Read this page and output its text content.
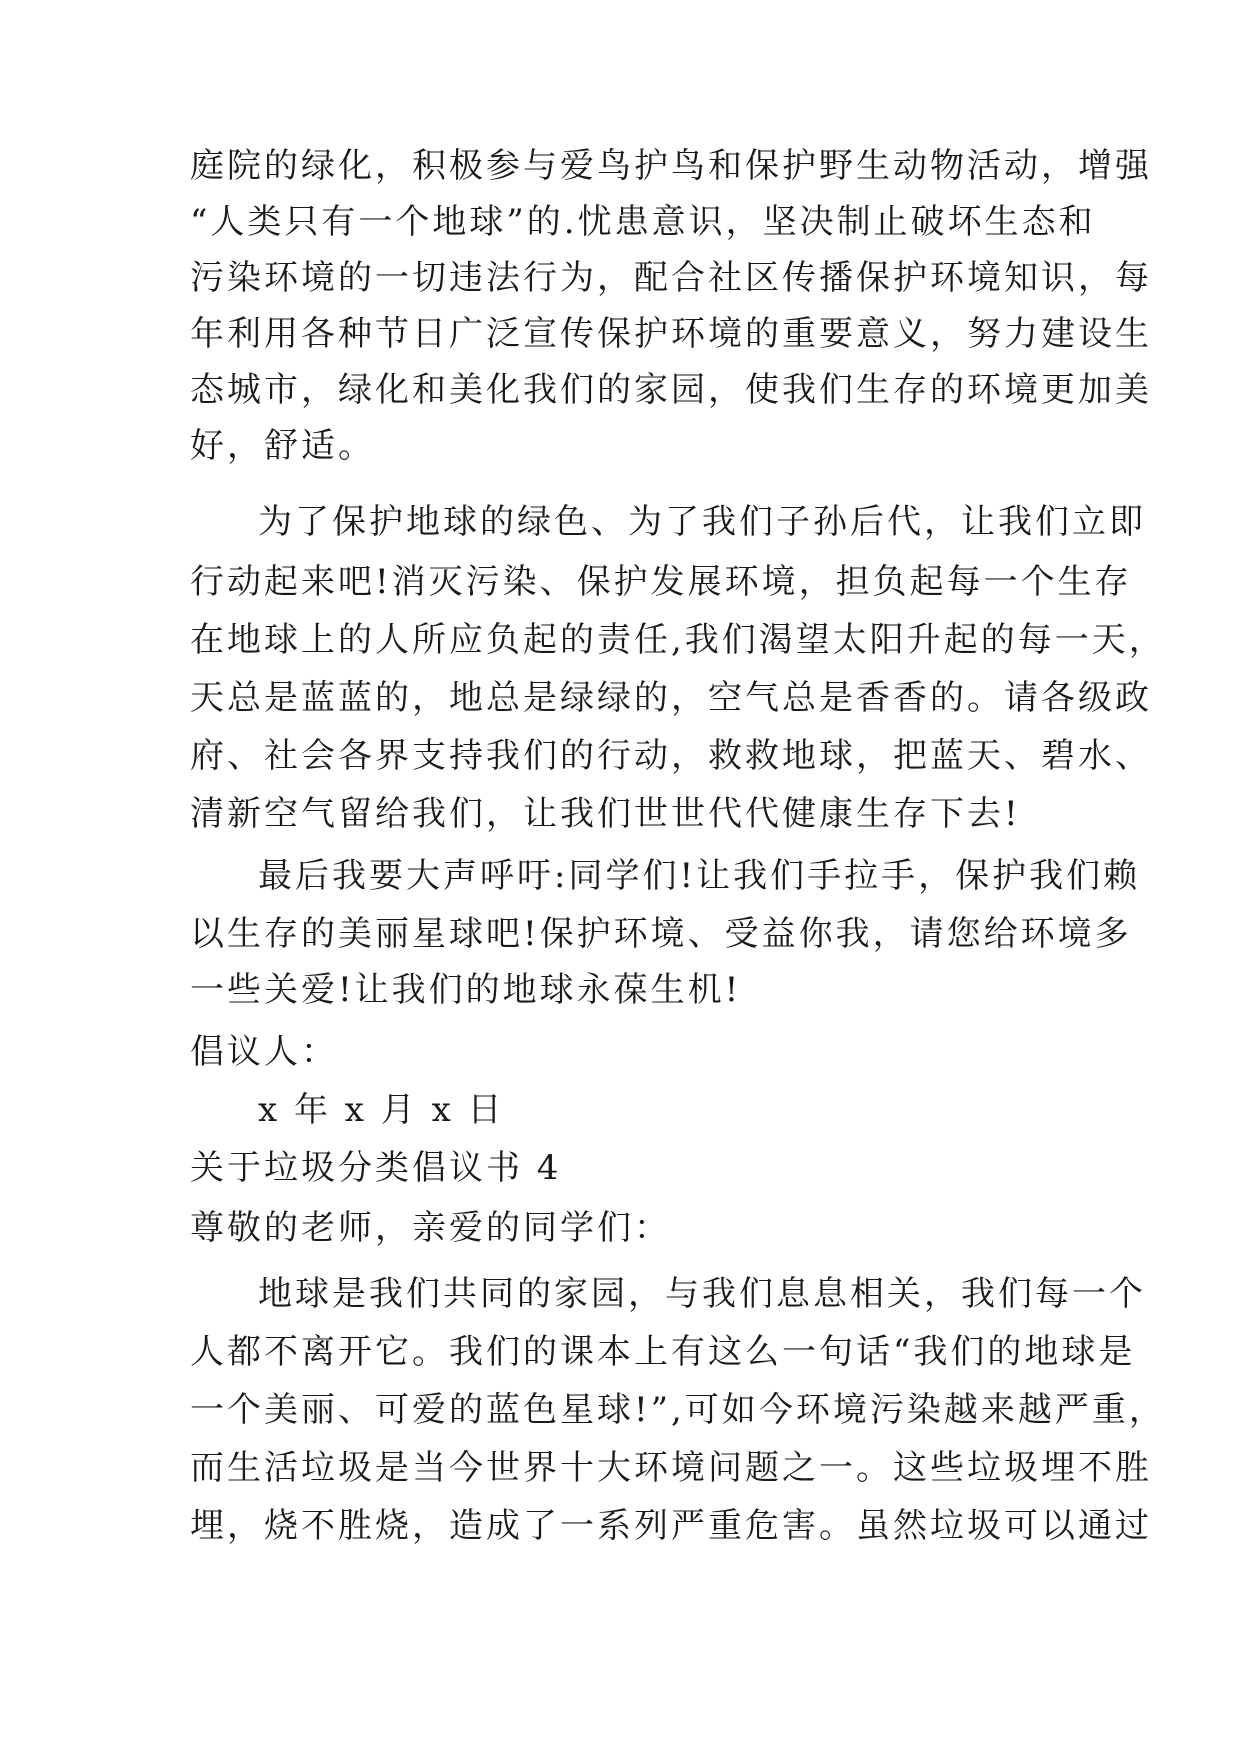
庭院的绿化，积极参与爱鸟护鸟和保护野生动物活动，增强
“人类只有一个地球”的.忧患意识，坚决制止破坏生态和
污染环境的一切违法行为，配合社区传播保护环境知识，每
年利用各种节日广泛宣传保护环境的重要意义，努力建设生
态城市，绿化和美化我们的家园，使我们生存的环境更加美
好，舒适。
为了保护地球的绿色、为了我们子孙后代，让我们立即
行动起来吧!消灭污染、保护发展环境，担负起每一个生存
在地球上的人所应负起的责任,我们渴望太阳升起的每一天，
天总是蓝蓝的，地总是绿绿的，空气总是香香的。请各级政
府、社会各界支持我们的行动，救救地球，把蓝天、碧水、
清新空气留给我们，让我们世世代代健康生存下去!
最后我要大声呼吁:同学们!让我们手拉手，保护我们赖
以生存的美丽星球吧!保护环境、受益你我，请您给环境多
一些关爱!让我们的地球永葆生机!
倡议人：
x 年 x 月 x 日
关于垃圾分类倡议书 4
尊敬的老师，亲爱的同学们：
地球是我们共同的家园，与我们息息相关，我们每一个
人都不离开它。我们的课本上有这么一句话“我们的地球是
一个美丽、可爱的蓝色星球!”,可如今环境污染越来越严重，
而生活垃圾是当今世界十大环境问题之一。这些垃圾埋不胜
埋，烧不胜烧，造成了一系列严重危害。虽然垃圾可以通过
